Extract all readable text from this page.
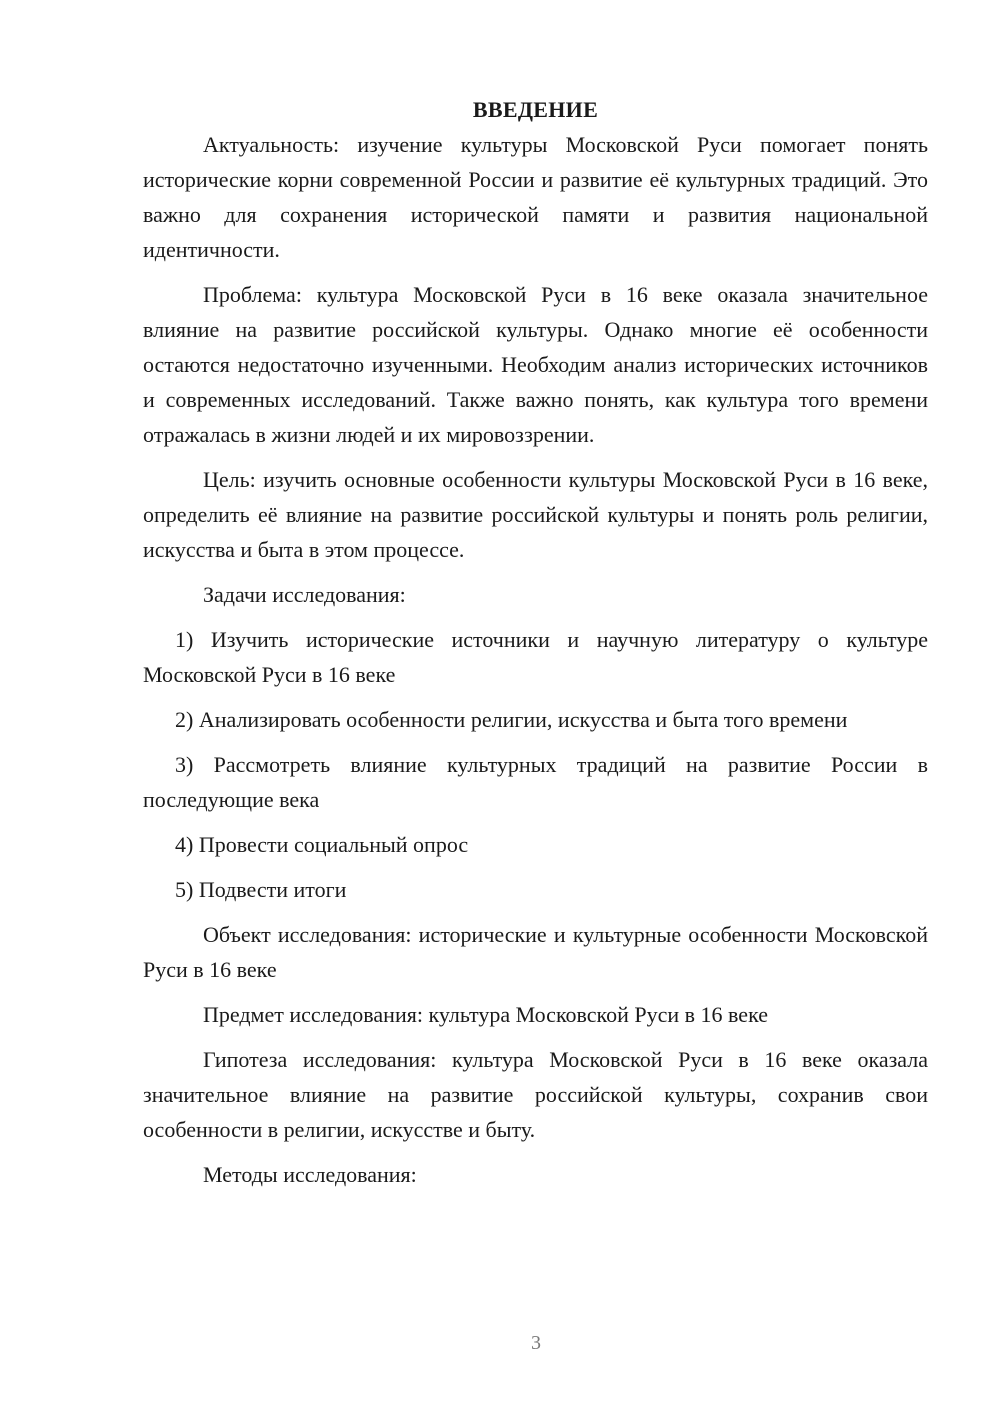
ВВЕДЕНИЕ

Актуальность: изучение культуры Московской Руси помогает понять исторические корни современной России и развитие её культурных традиций. Это важно для сохранения исторической памяти и развития национальной идентичности.

Проблема: культура Московской Руси в 16 веке оказала значительное влияние на развитие российской культуры. Однако многие её особенности остаются недостаточно изученными. Необходим анализ исторических источников и современных исследований. Также важно понять, как культура того времени отражалась в жизни людей и их мировоззрении.

Цель: изучить основные особенности культуры Московской Руси в 16 веке, определить её влияние на развитие российской культуры и понять роль религии, искусства и быта в этом процессе.

Задачи исследования:

1) Изучить исторические источники и научную литературу о культуре Московской Руси в 16 веке

2) Анализировать особенности религии, искусства и быта того времени

3) Рассмотреть влияние культурных традиций на развитие России в последующие века

4) Провести социальный опрос

5) Подвести итоги

Объект исследования: исторические и культурные особенности Московской Руси в 16 веке

Предмет исследования: культура Московской Руси в 16 веке

Гипотеза исследования: культура Московской Руси в 16 веке оказала значительное влияние на развитие российской культуры, сохранив свои особенности в религии, искусстве и быту.

Методы исследования:

3
